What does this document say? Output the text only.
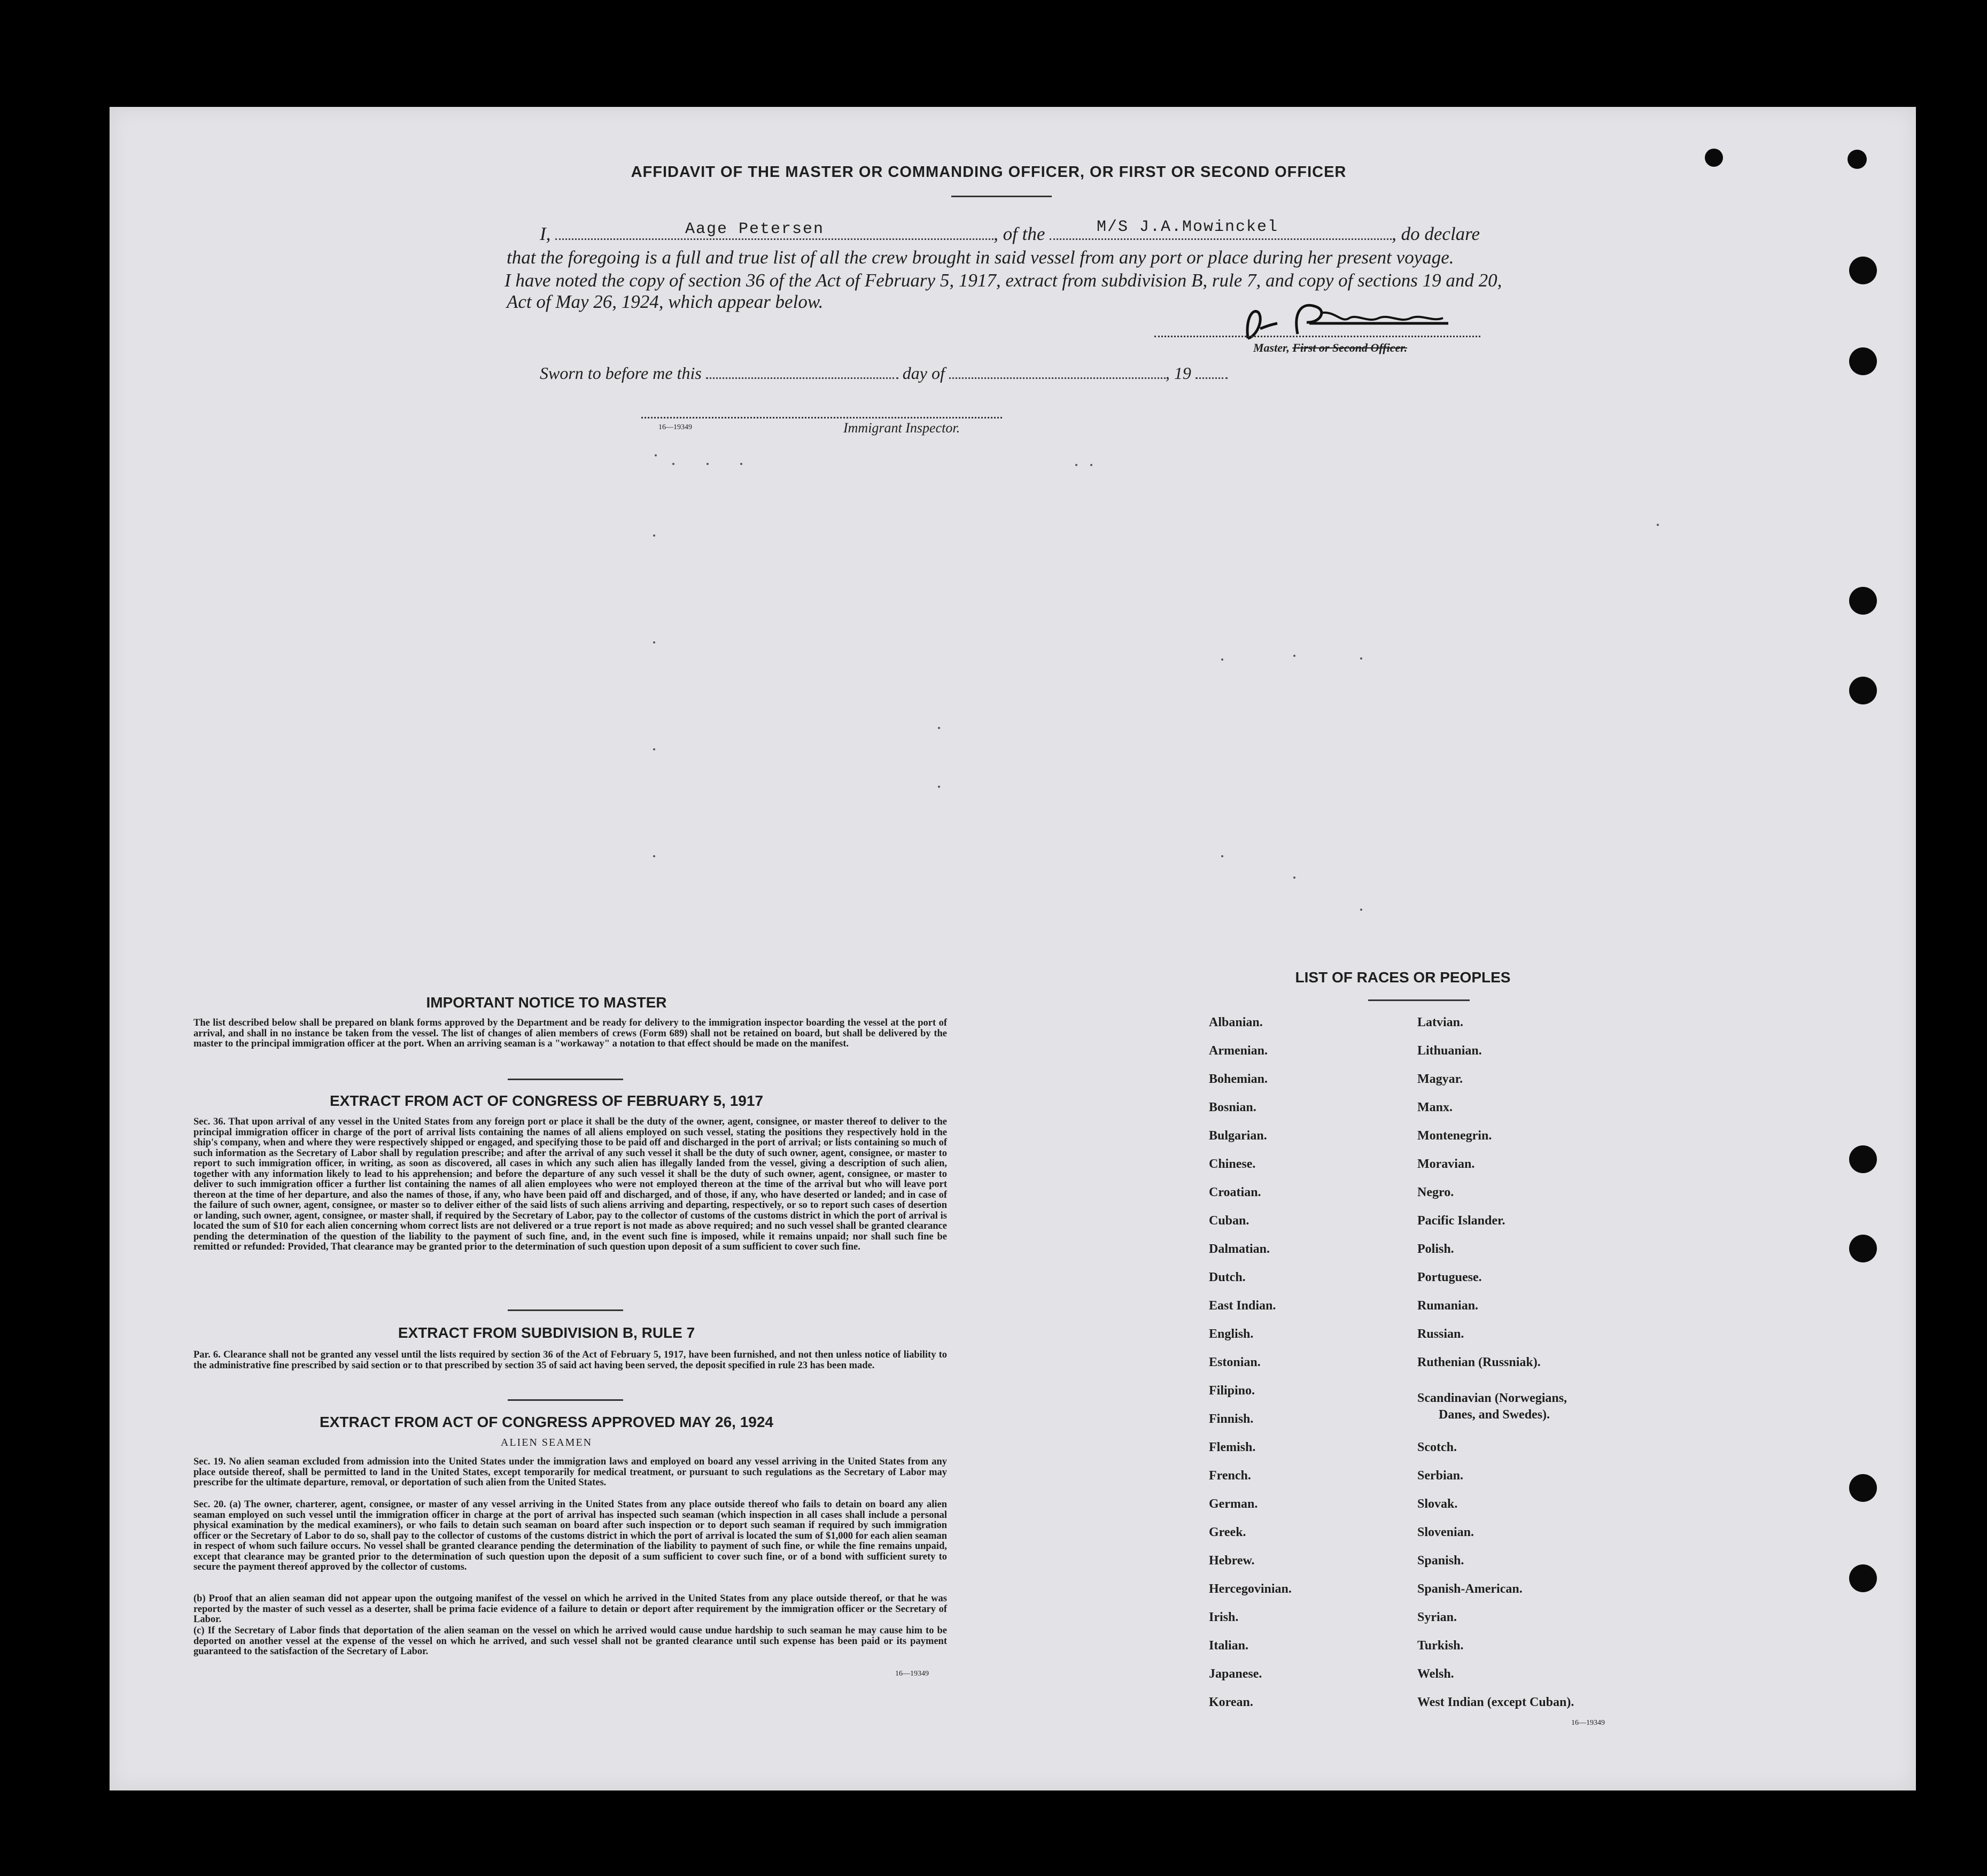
AFFIDAVIT OF THE MASTER OR COMMANDING OFFICER, OR FIRST OR SECOND OFFICER
I,	, of the	, do declare
Aage Petersen	M/S J.A.Mowinckel
that the foregoing is a full and true list of all the crew brought in said vessel from any port or place during her present voyage.
I have noted the copy of section 36 of the Act of February 5, 1917, extract from subdivision B, rule 7, and copy of sections 19 and 20,
Act of May 26, 1924, which appear below.
Master, First or Second Officer.
Sworn to before me this	day of	, 19
16—19349	Immigrant Inspector.
IMPORTANT NOTICE TO MASTER
The list described below shall be prepared on blank forms approved by the Department and be ready for delivery to the immigration inspector boarding the vessel at the port of arrival, and shall in no instance be taken from the vessel. The list of changes of alien members of crews (Form 689) shall not be retained on board, but shall be delivered by the master to the principal immigration officer at the port. When an arriving seaman is a "workaway" a notation to that effect should be made on the manifest.
EXTRACT FROM ACT OF CONGRESS OF FEBRUARY 5, 1917
Sec. 36. That upon arrival of any vessel in the United States from any foreign port or place it shall be the duty of the owner, agent, consignee, or master thereof to deliver to the principal immigration officer in charge of the port of arrival lists containing the names of all aliens employed on such vessel, stating the positions they respectively hold in the ship's company, when and where they were respectively shipped or engaged, and specifying those to be paid off and discharged in the port of arrival; or lists containing so much of such information as the Secretary of Labor shall by regulation prescribe; and after the arrival of any such vessel it shall be the duty of such owner, agent, consignee, or master to report to such immigration officer, in writing, as soon as discovered, all cases in which any such alien has illegally landed from the vessel, giving a description of such alien, together with any information likely to lead to his apprehension; and before the departure of any such vessel it shall be the duty of such owner, agent, consignee, or master to deliver to such immigration officer a further list containing the names of all alien employees who were not employed thereon at the time of the arrival but who will leave port thereon at the time of her departure, and also the names of those, if any, who have been paid off and discharged, and of those, if any, who have deserted or landed; and in case of the failure of such owner, agent, consignee, or master so to deliver either of the said lists of such aliens arriving and departing, respectively, or so to report such cases of desertion or landing, such owner, agent, consignee, or master shall, if required by the Secretary of Labor, pay to the collector of customs of the customs district in which the port of arrival is located the sum of $10 for each alien concerning whom correct lists are not delivered or a true report is not made as above required; and no such vessel shall be granted clearance pending the determination of the question of the liability to the payment of such fine, and, in the event such fine is imposed, while it remains unpaid; nor shall such fine be remitted or refunded: Provided, That clearance may be granted prior to the determination of such question upon deposit of a sum sufficient to cover such fine.
EXTRACT FROM SUBDIVISION B, RULE 7
Par. 6. Clearance shall not be granted any vessel until the lists required by section 36 of the Act of February 5, 1917, have been furnished, and not then unless notice of liability to the administrative fine prescribed by said section or to that prescribed by section 35 of said act having been served, the deposit specified in rule 23 has been made.
EXTRACT FROM ACT OF CONGRESS APPROVED MAY 26, 1924
ALIEN SEAMEN
Sec. 19. No alien seaman excluded from admission into the United States under the immigration laws and employed on board any vessel arriving in the United States from any place outside thereof, shall be permitted to land in the United States, except temporarily for medical treatment, or pursuant to such regulations as the Secretary of Labor may prescribe for the ultimate departure, removal, or deportation of such alien from the United States.
Sec. 20. (a) The owner, charterer, agent, consignee, or master of any vessel arriving in the United States from any place outside thereof who fails to detain on board any alien seaman employed on such vessel until the immigration officer in charge at the port of arrival has inspected such seaman (which inspection in all cases shall include a personal physical examination by the medical examiners), or who fails to detain such seaman on board after such inspection or to deport such seaman if required by such immigration officer or the Secretary of Labor to do so, shall pay to the collector of customs of the customs district in which the port of arrival is located the sum of $1,000 for each alien seaman in respect of whom such failure occurs. No vessel shall be granted clearance pending the determination of the liability to payment of such fine, or while the fine remains unpaid, except that clearance may be granted prior to the determination of such question upon the deposit of a sum sufficient to cover such fine, or of a bond with sufficient surety to secure the payment thereof approved by the collector of customs.
(b) Proof that an alien seaman did not appear upon the outgoing manifest of the vessel on which he arrived in the United States from any place outside thereof, or that he was reported by the master of such vessel as a deserter, shall be prima facie evidence of a failure to detain or deport after requirement by the immigration officer or the Secretary of Labor.
(c) If the Secretary of Labor finds that deportation of the alien seaman on the vessel on which he arrived would cause undue hardship to such seaman he may cause him to be deported on another vessel at the expense of the vessel on which he arrived, and such vessel shall not be granted clearance until such expense has been paid or its payment guaranteed to the satisfaction of the Secretary of Labor.
16—19349
LIST OF RACES OR PEOPLES
Albanian.
Armenian.
Bohemian.
Bosnian.
Bulgarian.
Chinese.
Croatian.
Cuban.
Dalmatian.
Dutch.
East Indian.
English.
Estonian.
Filipino.
Finnish.
Flemish.
French.
German.
Greek.
Hebrew.
Hercegovinian.
Irish.
Italian.
Japanese.
Korean.
Latvian.
Lithuanian.
Magyar.
Manx.
Montenegrin.
Moravian.
Negro.
Pacific Islander.
Polish.
Portuguese.
Rumanian.
Russian.
Ruthenian (Russniak).
Scandinavian (Norwegians,
Scotch.
Serbian.
Slovak.
Slovenian.
Spanish.
Spanish-American.
Syrian.
Turkish.
Welsh.
West Indian (except Cuban).
Danes, and Swedes).
16—19349
